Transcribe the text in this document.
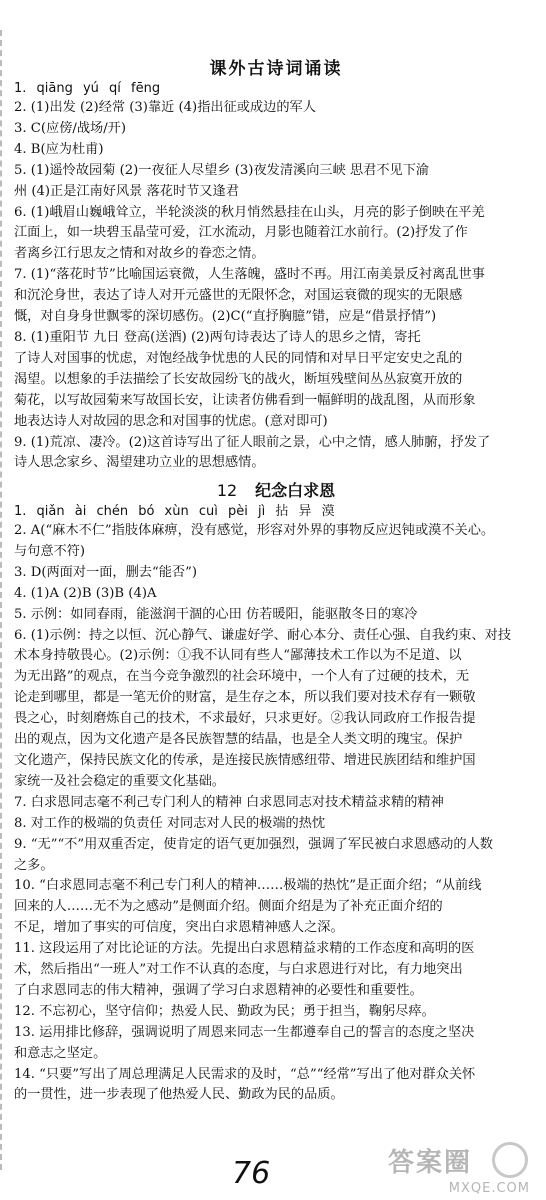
课外古诗词诵读
1. qiāng yú qí fēng
2. (1)出发 (2)经常 (3)靠近 (4)指出征或成边的军人
3. C(应傍/战场/开)
4. B(应为杜甫)
5. (1)遥怜故园菊 (2)一夜征人尽望乡 (3)夜发清溪向三峡 思君不见下渝
州 (4)正是江南好风景 落花时节又逢君
6. (1)峨眉山巍峨耸立，半轮淡淡的秋月悄然悬挂在山头，月亮的影子倒映在平羌
江面上，如一块碧玉晶莹可爱，江水流动，月影也随着江水前行。(2)抒发了作
者离乡江行思友之情和对故乡的眷恋之情。
7. (1)“落花时节”比喻国运衰微，人生落魄，盛时不再。用江南美景反衬离乱世事
和沉沦身世，表达了诗人对开元盛世的无限怀念，对国运衰微的现实的无限感
慨，对自身身世飘零的深切感伤。(2)C(“直抒胸臆”错，应是“借景抒情”)
8. (1)重阳节 九日 登高(送酒) (2)两句诗表达了诗人的思乡之情，寄托
了诗人对国事的忧虑，对饱经战争忧患的人民的同情和对早日平定安史之乱的
渴望。以想象的手法描绘了长安故园纷飞的战火，断垣残壁间丛丛寂寞开放的
菊花，以写故园菊来写故国长安，让读者仿佛看到一幅鲜明的战乱图，从而形象
地表达诗人对故园的思念和对国事的忧虑。(意对即可)
9. (1)荒凉、凄冷。(2)这首诗写出了征人眼前之景，心中之情，感人肺腑，抒发了
诗人思念家乡、渴望建功立业的思想感情。
12 纪念白求恩
1. qiǎn ài chén bó xùn cuì pèi jì 拈 异 漠
2. A(“麻木不仁”指肢体麻痹，没有感觉，形容对外界的事物反应迟钝或漠不关心。
与句意不符)
3. D(两面对一面，删去“能否”)
4. (1)A (2)B (3)B (4)A
5. 示例：如同春雨，能滋润干涸的心田 仿若暖阳，能驱散冬日的寒冷
6. (1)示例：持之以恒、沉心静气、谦虚好学、耐心本分、责任心强、自我约束、对技
术本身持敬畏心。(2)示例：①我不认同有些人“鄙薄技术工作以为不足道、以
为无出路”的观点，在当今竞争激烈的社会环境中，一个人有了过硬的技术，无
论走到哪里，都是一笔无价的财富，是生存之本，所以我们要对技术存有一颗敬
畏之心，时刻磨炼自己的技术，不求最好，只求更好。②我认同政府工作报告提
出的观点，因为文化遗产是各民族智慧的结晶，也是全人类文明的瑰宝。保护
文化遗产，保持民族文化的传承，是连接民族情感纽带、增进民族团结和维护国
家统一及社会稳定的重要文化基础。
7. 白求恩同志毫不利己专门利人的精神 白求恩同志对技术精益求精的精神
8. 对工作的极端的负责任 对同志对人民的极端的热忱
9. “无”“不”用双重否定，使肯定的语气更加强烈，强调了军民被白求恩感动的人数
之多。
10. “白求恩同志毫不利己专门利人的精神……极端的热忱”是正面介绍；“从前线
回来的人……无不为之感动”是侧面介绍。侧面介绍是为了补充正面介绍的
不足，增加了事实的可信度，突出白求恩精神感人之深。
11. 这段运用了对比论证的方法。先提出白求恩精益求精的工作态度和高明的医
术，然后指出“一班人”对工作不认真的态度，与白求恩进行对比，有力地突出
了白求恩同志的伟大精神，强调了学习白求恩精神的必要性和重要性。
12. 不忘初心，坚守信仰；热爱人民、勤政为民；勇于担当，鞠躬尽瘁。
13. 运用排比修辞，强调说明了周恩来同志一生都遵奉自己的誓言的态度之坚决
和意志之坚定。
14. “只要”写出了周总理满足人民需求的及时，“总”“经常”写出了他对群众关怀
的一贯性，进一步表现了他热爱人民、勤政为民的品质。
76	答案圈
MXQE.COM
